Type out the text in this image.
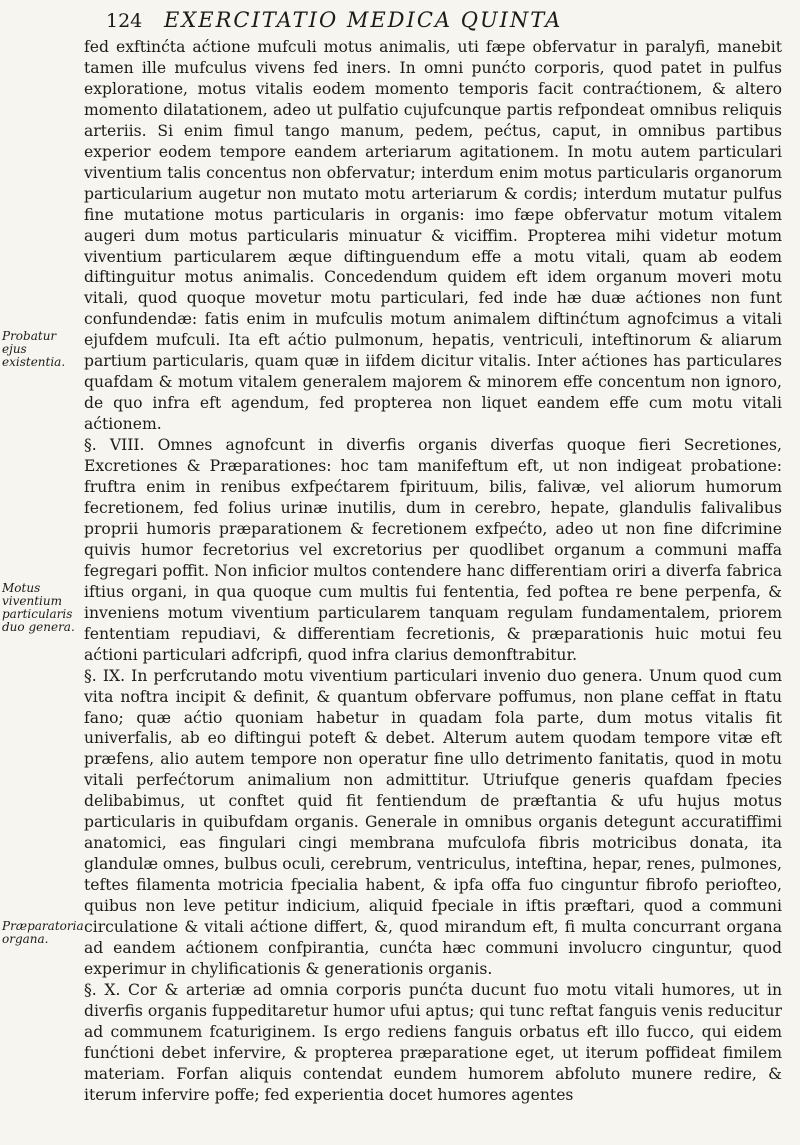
124	EXERCITATIO MEDICA QUINTA
Probatur ejus existentia.
Motus viventium particularis duo genera.
Præparatoria organa.

fed exftinćta aćtione mufculi motus animalis, uti fæpe obfervatur in paralyfi, manebit tamen ille mufculus vivens fed iners. In omni punćto corporis, quod patet in pulfus exploratione, motus vitalis eodem momento temporis facit contraćtionem, & altero momento dilatationem, adeo ut pulfatio cujufcunque partis refpondeat omnibus reliquis arteriis. Si enim fimul tango manum, pedem, pećtus, caput, in omnibus partibus experior eodem tempore eandem arteriarum agitationem. In motu autem particulari viventium talis concentus non obfervatur; interdum enim motus particularis organorum particularium augetur non mutato motu arteriarum & cordis; interdum mutatur pulfus fine mutatione motus particularis in organis: imo fæpe obfervatur motum vitalem augeri dum motus particularis minuatur & viciffim. Propterea mihi videtur motum viventium particularem æque diftinguendum effe a motu vitali, quam ab eodem diftinguitur motus animalis. Concedendum quidem eft idem organum moveri motu vitali, quod quoque movetur motu particulari, fed inde hæ duæ aćtiones non funt confundendæ: fatis enim in mufculis motum animalem diftinćtum agnofcimus a vitali ejufdem mufculi. Ita eft aćtio pulmonum, hepatis, ventriculi, inteftinorum & aliarum partium particularis, quam quæ in iifdem dicitur vitalis. Inter aćtiones has particulares quafdam & motum vitalem generalem majorem & minorem effe concentum non ignoro, de quo infra eft agendum, fed propterea non liquet eandem effe cum motu vitali aćtionem.

§. VIII. Omnes agnofcunt in diverfis organis diverfas quoque fieri Secretiones, Excretiones & Præparationes: hoc tam manifeftum eft, ut non indigeat probatione: fruftra enim in renibus exfpećtarem fpirituum, bilis, falivæ, vel aliorum humorum fecretionem, fed folius urinæ inutilis, dum in cerebro, hepate, glandulis falivalibus proprii humoris præparationem & fecretionem exfpećto, adeo ut non fine difcrimine quivis humor fecretorius vel excretorius per quodlibet organum a communi maffa fegregari poffit. Non inficior multos contendere hanc differentiam oriri a diverfa fabrica iftius organi, in qua quoque cum multis fui fententia, fed poftea re bene perpenfa, & inveniens motum viventium particularem tanquam regulam fundamentalem, priorem fententiam repudiavi, & differentiam fecretionis, & præparationis huic motui feu aćtioni particulari adfcripfi, quod infra clarius demonftrabitur.

§. IX. In perfcrutando motu viventium particulari invenio duo genera. Unum quod cum vita noftra incipit & definit, & quantum obfervare poffumus, non plane ceffat in ftatu fano; quæ aćtio quoniam habetur in quadam fola parte, dum motus vitalis fit univerfalis, ab eo diftingui poteft & debet. Alterum autem quodam tempore vitæ eft præfens, alio autem tempore non operatur fine ullo detrimento fanitatis, quod in motu vitali perfećtorum animalium non admittitur. Utriufque generis quafdam fpecies delibabimus, ut conftet quid fit fentiendum de præftantia & ufu hujus motus particularis in quibufdam organis. Generale in omnibus organis detegunt accuratiffimi anatomici, eas fingulari cingi membrana mufculofa fibris motricibus donata, ita glandulæ omnes, bulbus oculi, cerebrum, ventriculus, inteftina, hepar, renes, pulmones, teftes filamenta motricia fpecialia habent, & ipfa offa fuo cinguntur fibrofo periofteo, quibus non leve petitur indicium, aliquid fpeciale in iftis præftari, quod a communi circulatione & vitali aćtione differt, &, quod mirandum eft, fi multa concurrant organa ad eandem aćtionem confpirantia, cunćta hæc communi involucro cinguntur, quod experimur in chylificationis & generationis organis.

§. X. Cor & arteriæ ad omnia corporis punćta ducunt fuo motu vitali humores, ut in diverfis organis fuppeditaretur humor ufui aptus; qui tunc reftat fanguis venis reducitur ad communem fcaturiginem. Is ergo rediens fanguis orbatus eft illo fucco, qui eidem funćtioni debet infervire, & propterea præparatione eget, ut iterum poffideat fimilem materiam. Forfan aliquis contendat eundem humorem abfoluto munere redire, & iterum infervire poffe; fed experientia docet humores agentes
